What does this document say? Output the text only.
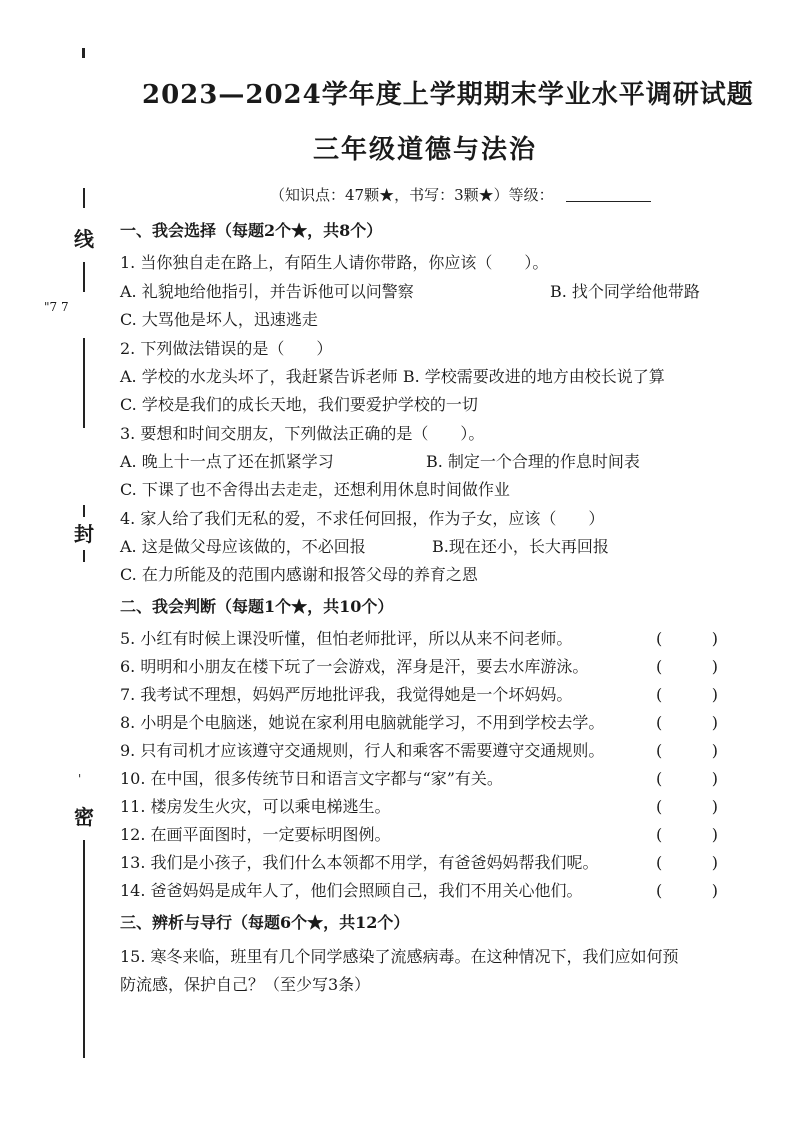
线
"7 7
封
'
密
2023—2024学年度上学期期末学业水平调研试题
三年级道德与法治
（知识点：47颗★，书写：3颗★）等级：
一、我会选择（每题2个★，共8个）
1. 当你独自走在路上，有陌生人请你带路，你应该（　　）。
A. 礼貌地给他指引，并告诉他可以问警察	B. 找个同学给他带路
C. 大骂他是坏人，迅速逃走
2. 下列做法错误的是（　　）
A. 学校的水龙头坏了，我赶紧告诉老师 B. 学校需要改进的地方由校长说了算
C. 学校是我们的成长天地，我们要爱护学校的一切
3. 要想和时间交朋友，下列做法正确的是（　　）。
A. 晚上十一点了还在抓紧学习	B. 制定一个合理的作息时间表
C. 下课了也不舍得出去走走，还想利用休息时间做作业
4. 家人给了我们无私的爱，不求任何回报，作为子女，应该（　　）
A. 这是做父母应该做的，不必回报	B.现在还小，长大再回报
C. 在力所能及的范围内感谢和报答父母的养育之恩
二、我会判断（每题1个★，共10个）
5. 小红有时候上课没听懂，但怕老师批评，所以从来不问老师。	(	)
6. 明明和小朋友在楼下玩了一会游戏，浑身是汗，要去水库游泳。	(	)
7. 我考试不理想，妈妈严厉地批评我，我觉得她是一个坏妈妈。	(	)
8. 小明是个电脑迷，她说在家利用电脑就能学习，不用到学校去学。	(	)
9. 只有司机才应该遵守交通规则，行人和乘客不需要遵守交通规则。	(	)
10. 在中国，很多传统节日和语言文字都与“家”有关。	(	)
11. 楼房发生火灾，可以乘电梯逃生。	(	)
12. 在画平面图时，一定要标明图例。	(	)
13. 我们是小孩子，我们什么本领都不用学，有爸爸妈妈帮我们呢。	(	)
14. 爸爸妈妈是成年人了，他们会照顾自己，我们不用关心他们。	(	)
三、辨析与导行（每题6个★，共12个）
15. 寒冬来临，班里有几个同学感染了流感病毒。在这种情况下，我们应如何预
防流感，保护自己？（至少写3条）
